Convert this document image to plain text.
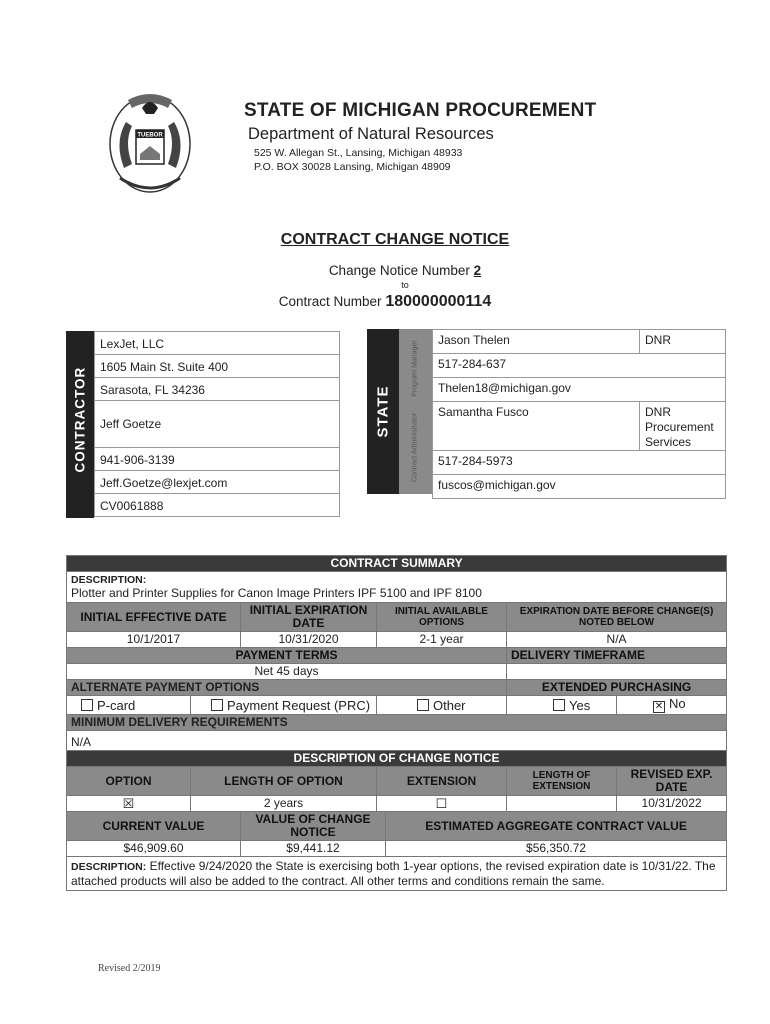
TUEBOR
STATE OF MICHIGAN PROCUREMENT
Department of Natural Resources
525 W. Allegan St., Lansing, Michigan 48933
P.O. BOX 30028 Lansing, Michigan 48909
CONTRACT CHANGE NOTICE
Change Notice Number 2
to
Contract Number 180000000114
CONTRACTOR
LexJet, LLC
1605 Main St. Suite 400
Sarasota, FL 34236
Jeff Goetze
941-906-3139
Jeff.Goetze@lexjet.com
CV0061888
STATE
Program Manager
Contract Administrator
Jason Thelen	DNR
517-284-637	
Thelen18@michigan.gov	
Samantha Fusco	DNR Procurement Services
517-284-5973	
fuscos@michigan.gov	
CONTRACT SUMMARY						

DESCRIPTION:
Plotter and Printer Supplies for Canon Image Printers IPF 5100 and IPF 8100						

INITIAL EFFECTIVE DATE		INITIAL EXPIRATION DATE	INITIAL AVAILABLE OPTIONS		EXPIRATION DATE BEFORE CHANGE(S) NOTED BELOW	
10/1/2017		10/31/2020	2-1 year		N/A	
PAYMENT TERMS					DELIVERY TIMEFRAME	
Net 45 days						
ALTERNATE PAYMENT OPTIONS					EXTENDED PURCHASING	
P-card	Payment Request (PRC)		Other		Yes	✕ No
MINIMUM DELIVERY REQUIREMENTS						
N/A						
DESCRIPTION OF CHANGE NOTICE						
OPTION	LENGTH OF OPTION		EXTENSION		LENGTH OF EXTENSION	REVISED EXP. DATE
☒	2 years		☐			10/31/2022
CURRENT VALUE		VALUE OF CHANGE NOTICE		ESTIMATED AGGREGATE CONTRACT VALUE		
$46,909.60		$9,441.12		$56,350.72		
DESCRIPTION: Effective 9/24/2020 the State is exercising both 1-year options, the revised expiration date is 10/31/22. The attached products will also be added to the contract. All other terms and conditions remain the same.						
Revised 2/2019
